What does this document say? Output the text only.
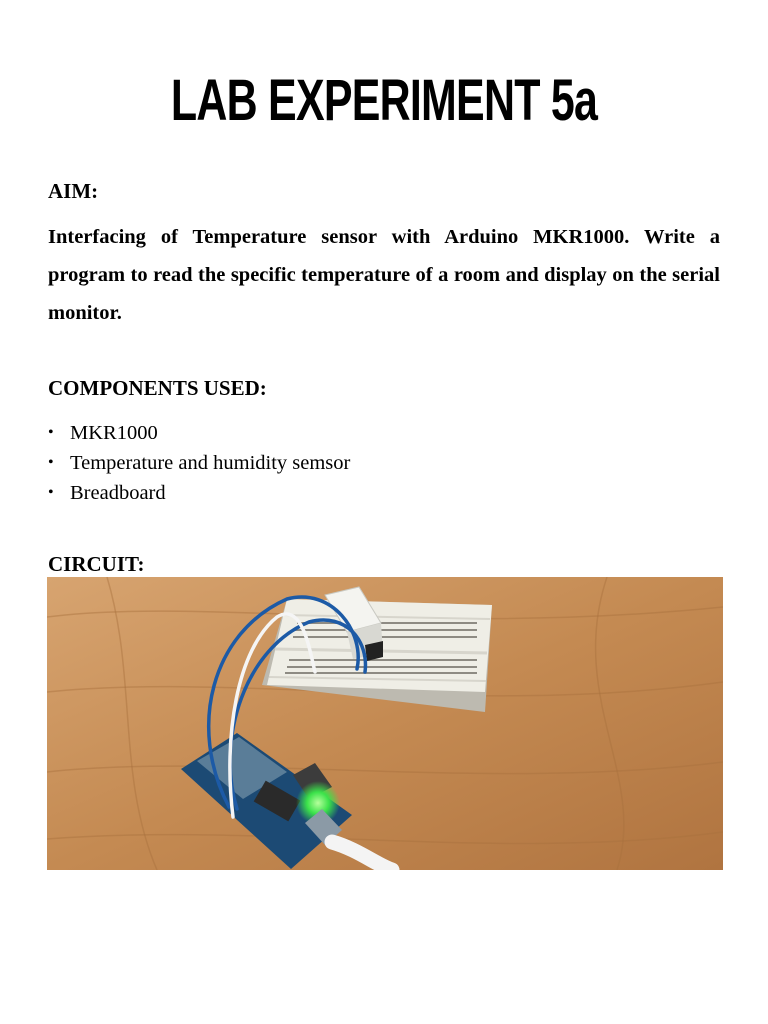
LAB EXPERIMENT 5a
AIM:
Interfacing of Temperature sensor with Arduino MKR1000. Write a program to read the specific temperature of a room and display on the serial monitor.
COMPONENTS USED:
• MKR1000
• Temperature and humidity semsor
• Breadboard
CIRCUIT:
